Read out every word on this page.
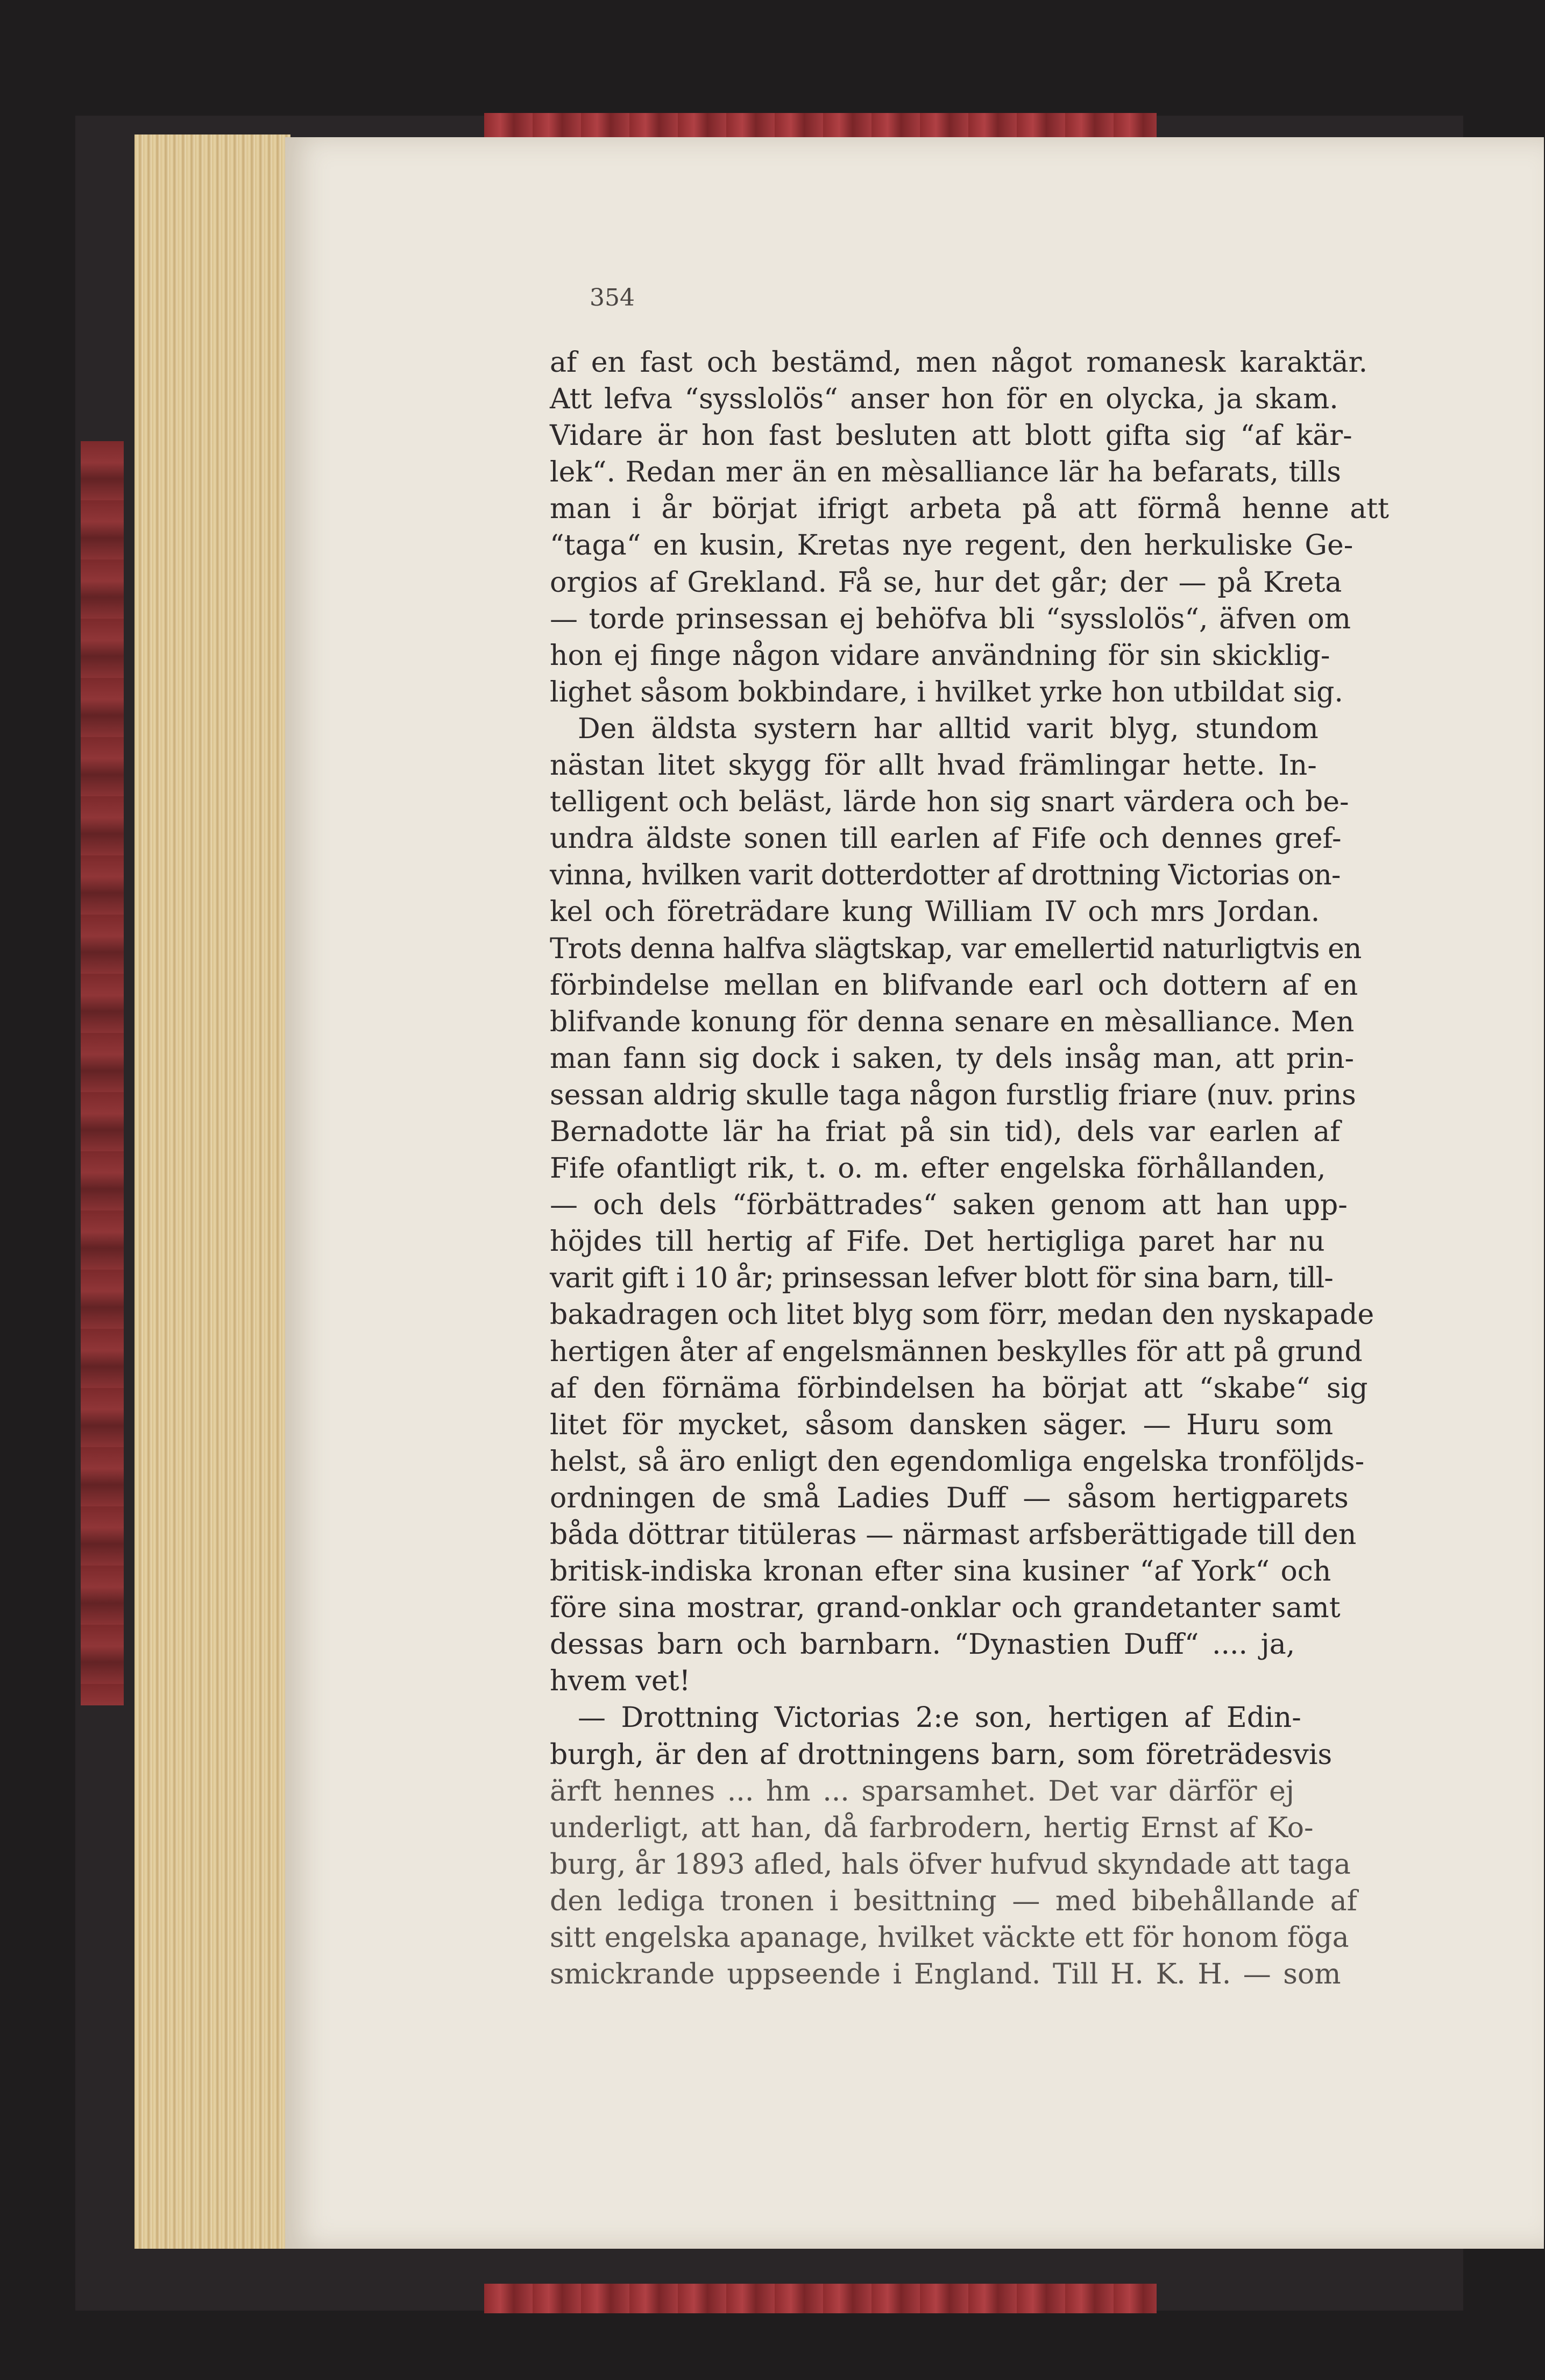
354
af en fast och bestämd, men något romanesk karaktär.
Att lefva “sysslolös“ anser hon för en olycka, ja skam.
Vidare är hon fast besluten att blott gifta sig “af kär-
lek“. Redan mer än en mèsalliance lär ha befarats, tills
man i år börjat ifrigt arbeta på att förmå henne att
“taga“ en kusin, Kretas nye regent, den herkuliske Ge-
orgios af Grekland. Få se, hur det går; der — på Kreta
— torde prinsessan ej behöfva bli “sysslolös“, äfven om
hon ej finge någon vidare användning för sin skicklig-
lighet såsom bokbindare, i hvilket yrke hon utbildat sig.
Den äldsta systern har alltid varit blyg, stundom
nästan litet skygg för allt hvad främlingar hette. In-
telligent och beläst, lärde hon sig snart värdera och be-
undra äldste sonen till earlen af Fife och dennes gref-
vinna, hvilken varit dotterdotter af drottning Victorias on-
kel och företrädare kung William IV och mrs Jordan.
Trots denna halfva slägtskap, var emellertid naturligtvis en
förbindelse mellan en blifvande earl och dottern af en
blifvande konung för denna senare en mèsalliance. Men
man fann sig dock i saken, ty dels insåg man, att prin-
sessan aldrig skulle taga någon furstlig friare (nuv. prins
Bernadotte lär ha friat på sin tid), dels var earlen af
Fife ofantligt rik, t. o. m. efter engelska förhållanden,
— och dels “förbättrades“ saken genom att han upp-
höjdes till hertig af Fife. Det hertigliga paret har nu
varit gift i 10 år; prinsessan lefver blott för sina barn, till-
bakadragen och litet blyg som förr, medan den nyskapade
hertigen åter af engelsmännen beskylles för att på grund
af den förnäma förbindelsen ha börjat att “skabe“ sig
litet för mycket, såsom dansken säger. — Huru som
helst, så äro enligt den egendomliga engelska tronföljds-
ordningen de små Ladies Duff — såsom hertigparets
båda döttrar titüleras — närmast arfsberättigade till den
britisk-indiska kronan efter sina kusiner “af York“ och
före sina mostrar, grand-onklar och grandetanter samt
dessas barn och barnbarn. “Dynastien Duff“ .... ja,
hvem vet!
— Drottning Victorias 2:e son, hertigen af Edin-
burgh, är den af drottningens barn, som företrädesvis
ärft hennes ... hm ... sparsamhet. Det var därför ej
underligt, att han, då farbrodern, hertig Ernst af Ko-
burg, år 1893 afled, hals öfver hufvud skyndade att taga
den lediga tronen i besittning — med bibehållande af
sitt engelska apanage, hvilket väckte ett för honom föga
smickrande uppseende i England. Till H. K. H. — som
